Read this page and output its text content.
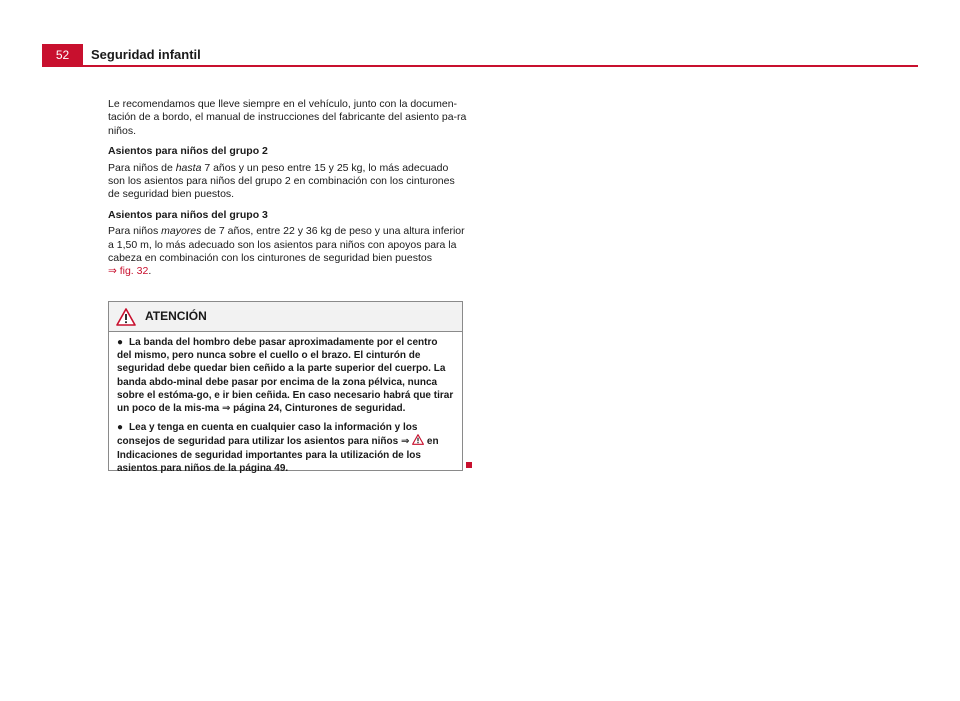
52	Seguridad infantil

Le recomendamos que lleve siempre en el vehículo, junto con la documen-tación de a bordo, el manual de instrucciones del fabricante del asiento pa-ra niños.

Asientos para niños del grupo 2

Para niños de hasta 7 años y un peso entre 15 y 25 kg, lo más adecuado son los asientos para niños del grupo 2 en combinación con los cinturones de seguridad bien puestos.

Asientos para niños del grupo 3

Para niños mayores de 7 años, entre 22 y 36 kg de peso y una altura inferior a 1,50 m, lo más adecuado son los asientos para niños con apoyos para la cabeza en combinación con los cinturones de seguridad bien puestos
⇒ fig. 32.

ATENCIÓN

● La banda del hombro debe pasar aproximadamente por el centro del mismo, pero nunca sobre el cuello o el brazo. El cinturón de seguridad debe quedar bien ceñido a la parte superior del cuerpo. La banda abdo-minal debe pasar por encima de la zona pélvica, nunca sobre el estóma-go, e ir bien ceñida. En caso necesario habrá que tirar un poco de la mis-ma ⇒ página 24, Cinturones de seguridad.

● Lea y tenga en cuenta en cualquier caso la información y los consejos de seguridad para utilizar los asientos para niños ⇒  en Indicaciones de seguridad importantes para la utilización de los asientos para niños de la página 49.
